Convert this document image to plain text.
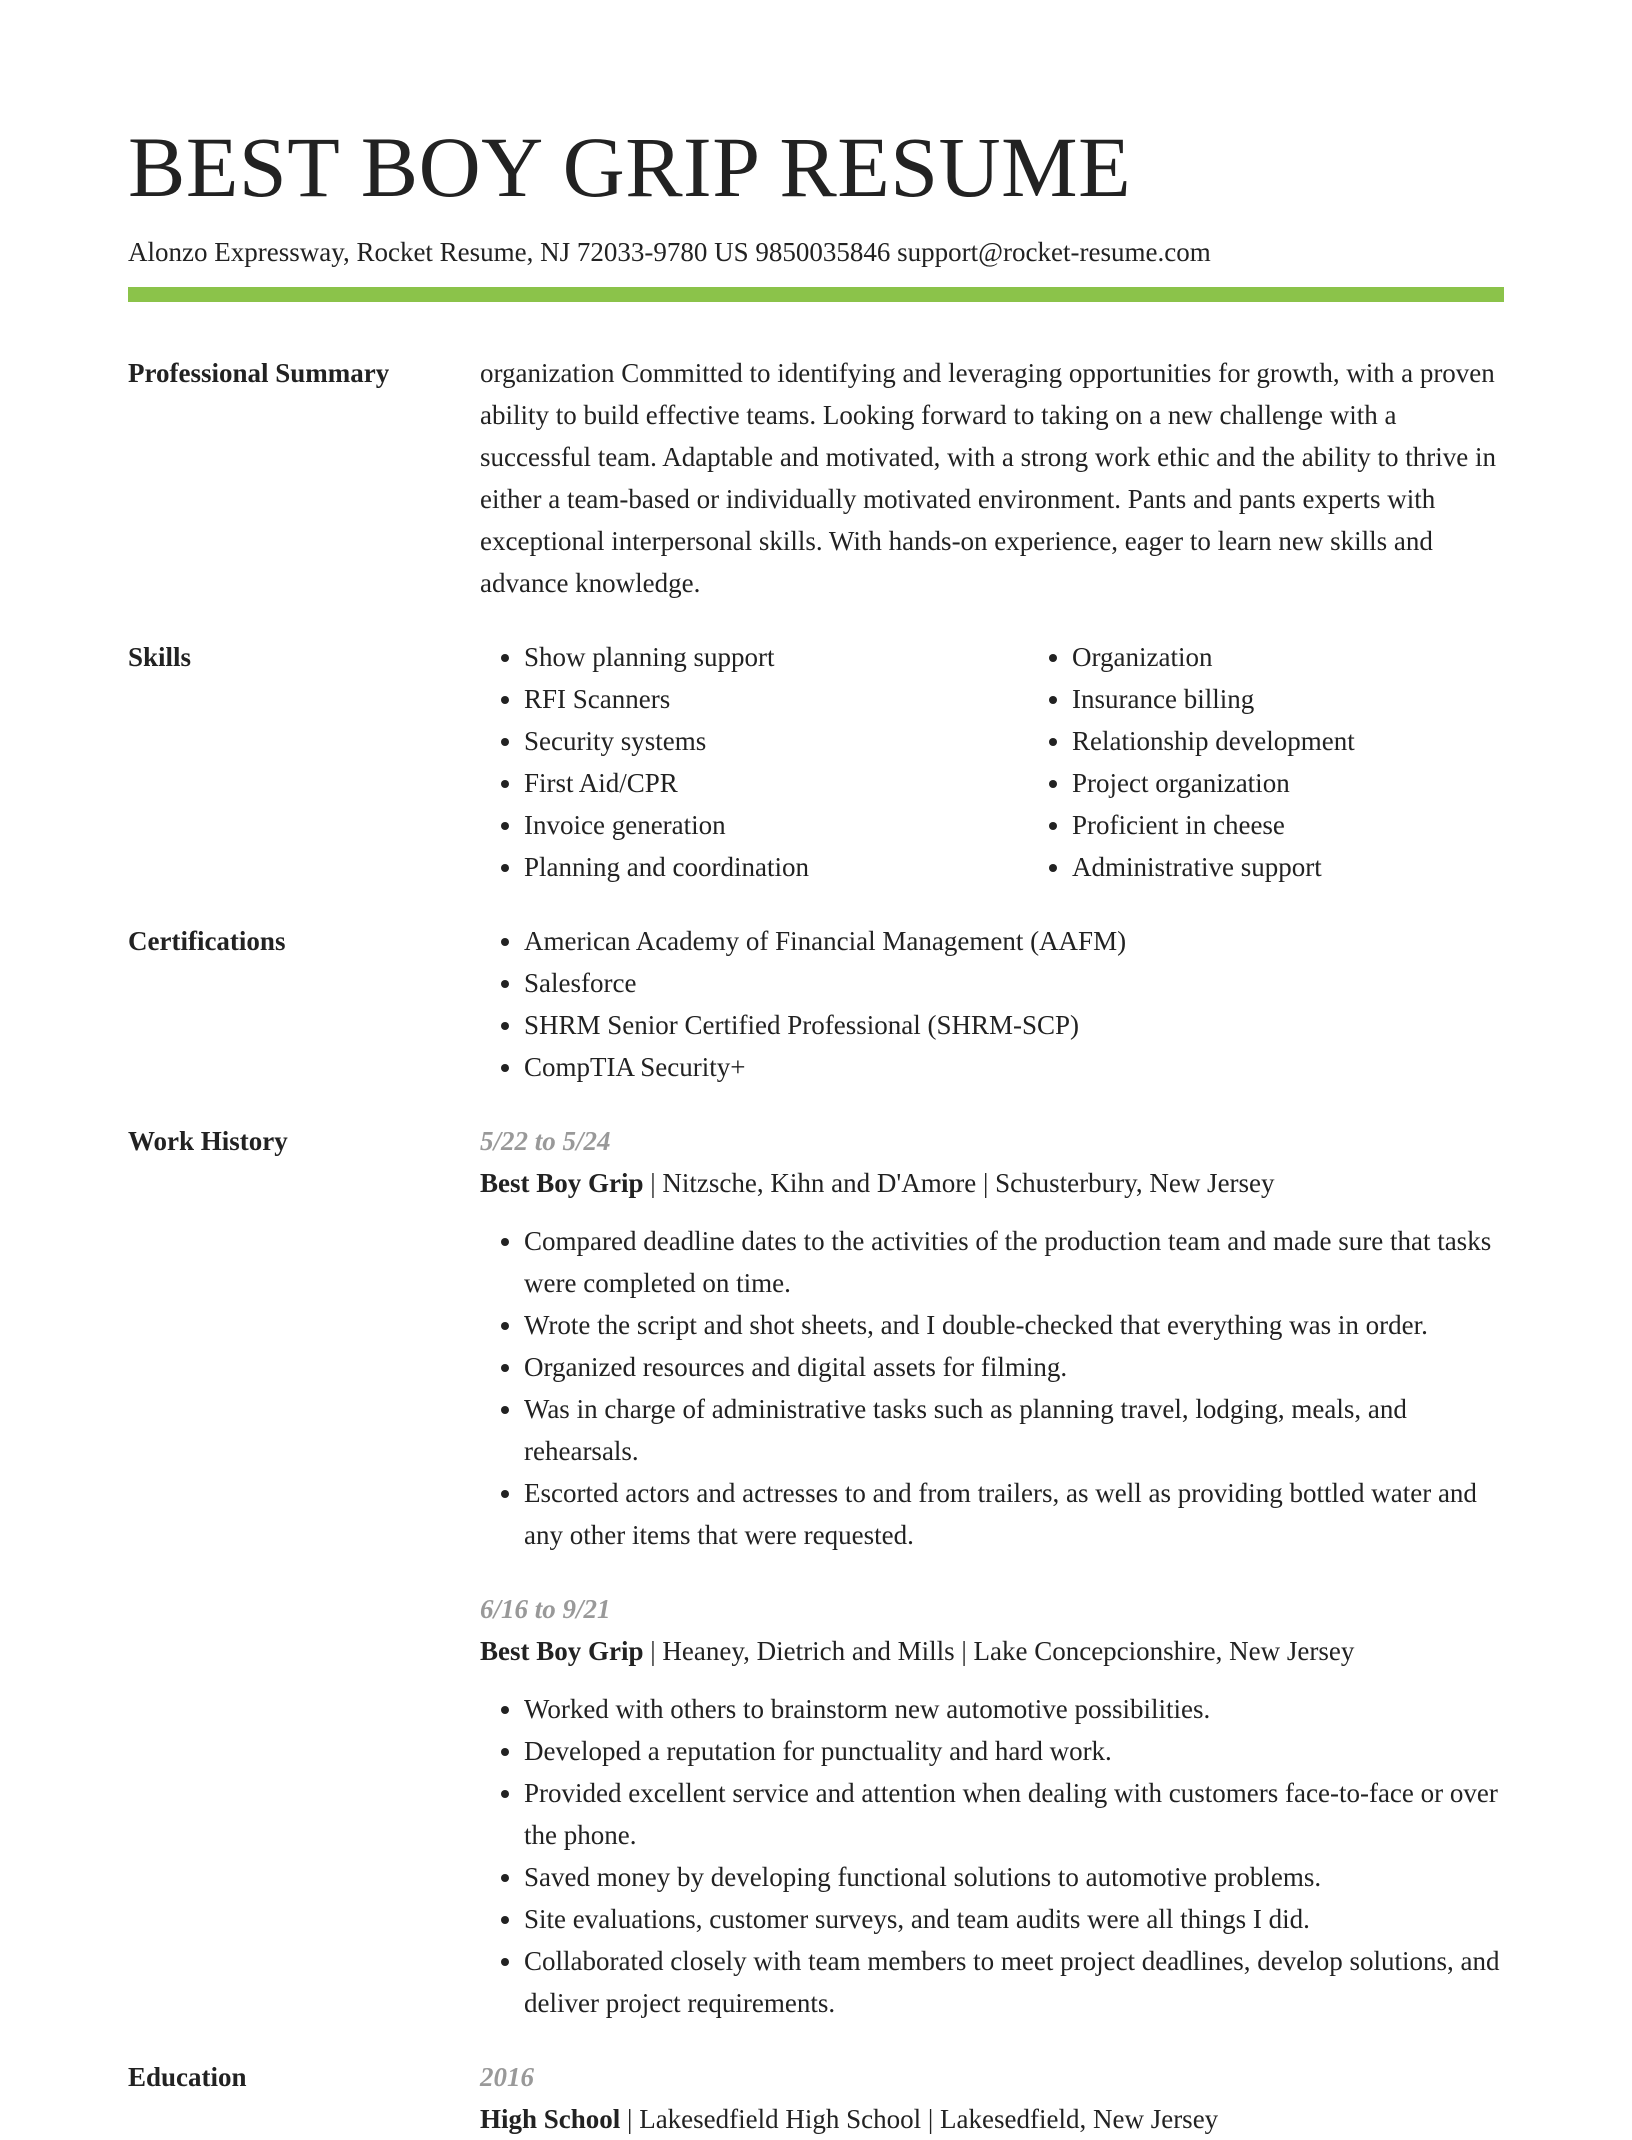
BEST BOY GRIP RESUME
Alonzo Expressway, Rocket Resume, NJ 72033-9780 US 9850035846 support@rocket-resume.com
Professional Summary	organization Committed to identifying and leveraging opportunities for growth, with a proven ability to build effective teams. Looking forward to taking on a new challenge with a successful team. Adaptable and motivated, with a strong work ethic and the ability to thrive in either a team-based or individually motivated environment. Pants and pants experts with exceptional interpersonal skills. With hands-on experience, eager to learn new skills and advance knowledge.
Skills	• Show planning support
• RFI Scanners
• Security systems
• First Aid/CPR
• Invoice generation
• Planning and coordination
• Organization
• Insurance billing
• Relationship development
• Project organization
• Proficient in cheese
• Administrative support
Certifications	• American Academy of Financial Management (AAFM)
• Salesforce
• SHRM Senior Certified Professional (SHRM-SCP)
• CompTIA Security+
Work History	5/22 to 5/24
Best Boy Grip | Nitzsche, Kihn and D'Amore | Schusterbury, New Jersey
• Compared deadline dates to the activities of the production team and made sure that tasks were completed on time.
• Wrote the script and shot sheets, and I double-checked that everything was in order.
• Organized resources and digital assets for filming.
• Was in charge of administrative tasks such as planning travel, lodging, meals, and rehearsals.
• Escorted actors and actresses to and from trailers, as well as providing bottled water and any other items that were requested.
6/16 to 9/21
Best Boy Grip | Heaney, Dietrich and Mills | Lake Concepcionshire, New Jersey
• Worked with others to brainstorm new automotive possibilities.
• Developed a reputation for punctuality and hard work.
• Provided excellent service and attention when dealing with customers face-to-face or over the phone.
• Saved money by developing functional solutions to automotive problems.
• Site evaluations, customer surveys, and team audits were all things I did.
• Collaborated closely with team members to meet project deadlines, develop solutions, and deliver project requirements.
Education	2016
High School | Lakesedfield High School | Lakesedfield, New Jersey
